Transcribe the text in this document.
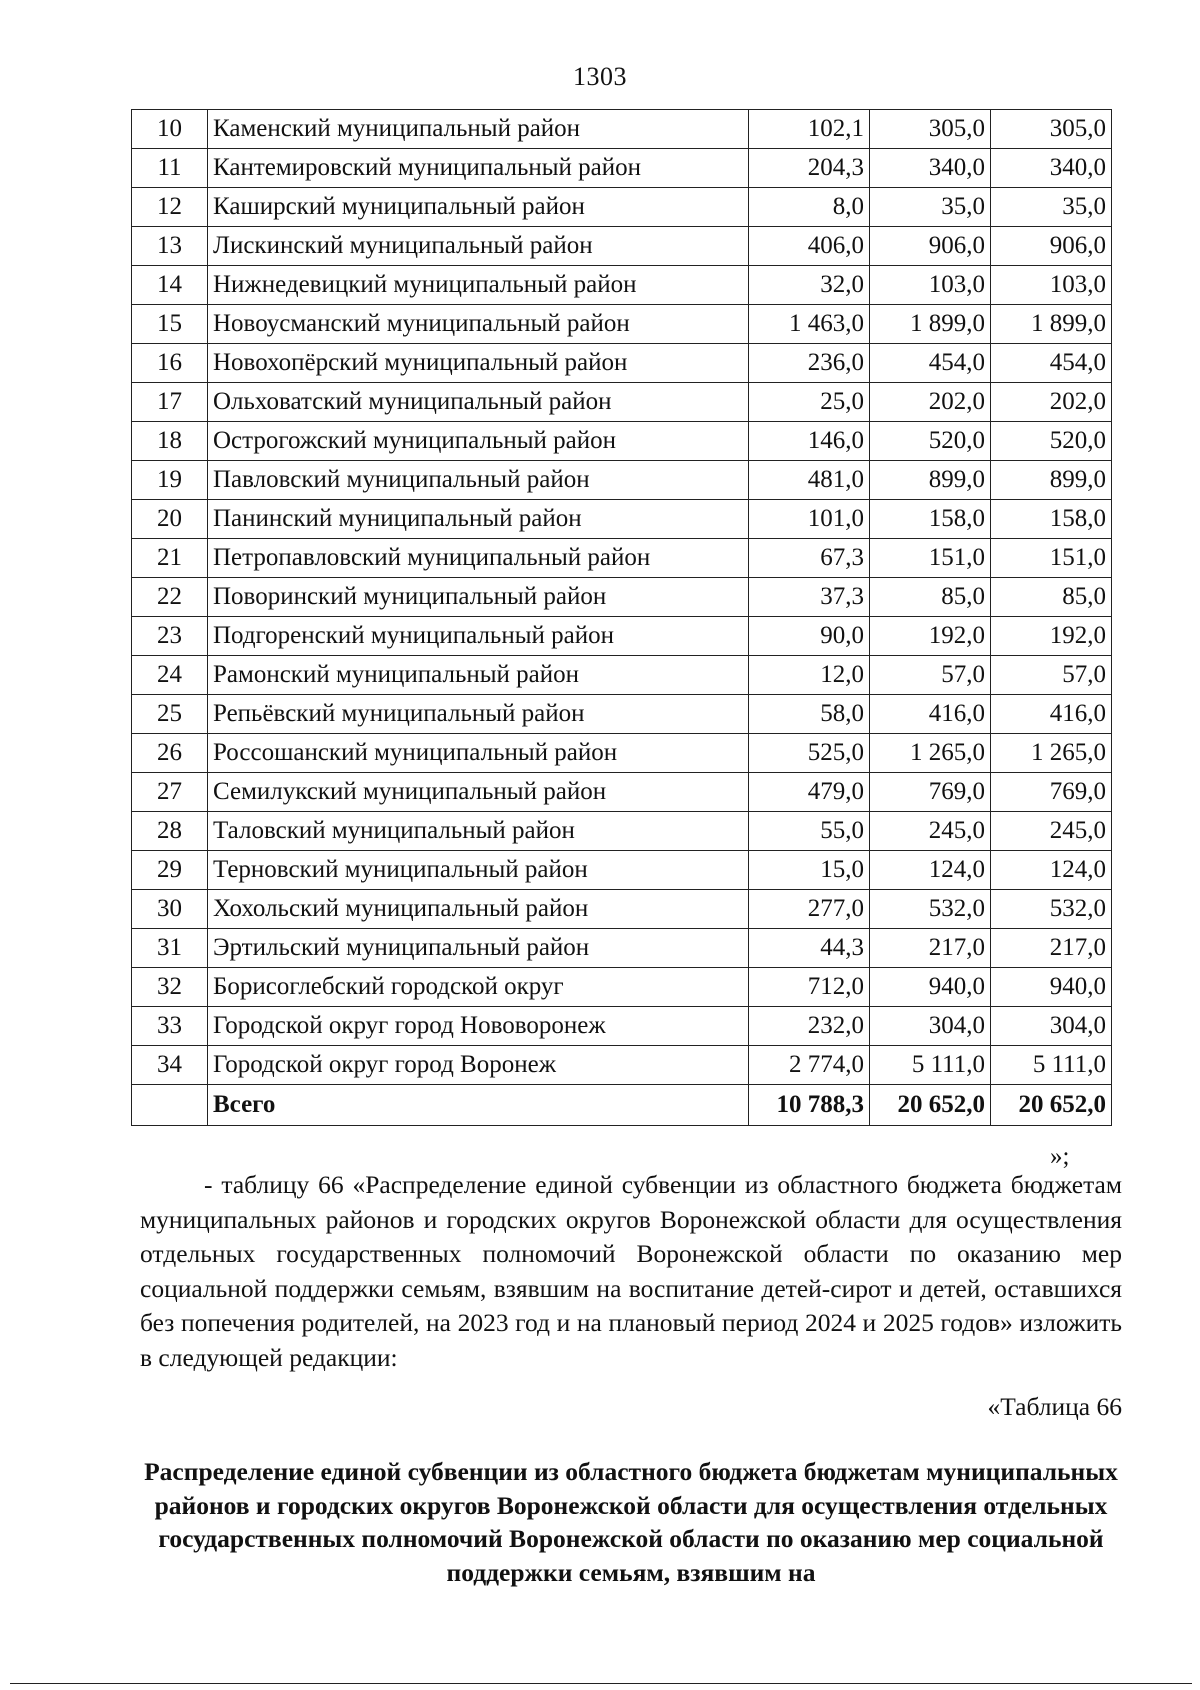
1303
10	Каменский муниципальный район	102,1	305,0	305,0
11	Кантемировский муниципальный район	204,3	340,0	340,0
12	Каширский муниципальный район	8,0	35,0	35,0
13	Лискинский муниципальный район	406,0	906,0	906,0
14	Нижнедевицкий муниципальный район	32,0	103,0	103,0
15	Новоусманский муниципальный район	1 463,0	1 899,0	1 899,0
16	Новохопёрский муниципальный район	236,0	454,0	454,0
17	Ольховатский муниципальный район	25,0	202,0	202,0
18	Острогожский муниципальный район	146,0	520,0	520,0
19	Павловский муниципальный район	481,0	899,0	899,0
20	Панинский муниципальный район	101,0	158,0	158,0
21	Петропавловский муниципальный район	67,3	151,0	151,0
22	Поворинский муниципальный район	37,3	85,0	85,0
23	Подгоренский муниципальный район	90,0	192,0	192,0
24	Рамонский муниципальный район	12,0	57,0	57,0
25	Репьёвский муниципальный район	58,0	416,0	416,0
26	Россошанский муниципальный район	525,0	1 265,0	1 265,0
27	Семилукский муниципальный район	479,0	769,0	769,0
28	Таловский муниципальный район	55,0	245,0	245,0
29	Терновский муниципальный район	15,0	124,0	124,0
30	Хохольский муниципальный район	277,0	532,0	532,0
31	Эртильский муниципальный район	44,3	217,0	217,0
32	Борисоглебский городской округ	712,0	940,0	940,0
33	Городской округ город Нововоронеж	232,0	304,0	304,0
34	Городской округ город Воронеж	2 774,0	5 111,0	5 111,0
	Всего	10 788,3	20 652,0	20 652,0
»;

- таблицу 66 «Распределение единой субвенции из областного бюджета бюджетам муниципальных районов и городских округов Воронежской области для осуществления отдельных государственных полномочий Воронежской области по оказанию мер социальной поддержки семьям, взявшим на воспитание детей-сирот и детей, оставшихся без попечения родителей, на 2023 год и на плановый период 2024 и 2025 годов» изложить в следующей редакции:

«Таблица 66

Распределение единой субвенции из областного бюджета бюджетам муниципальных районов и городских округов Воронежской области для осуществления отдельных государственных полномочий Воронежской области по оказанию мер социальной поддержки семьям, взявшим на
